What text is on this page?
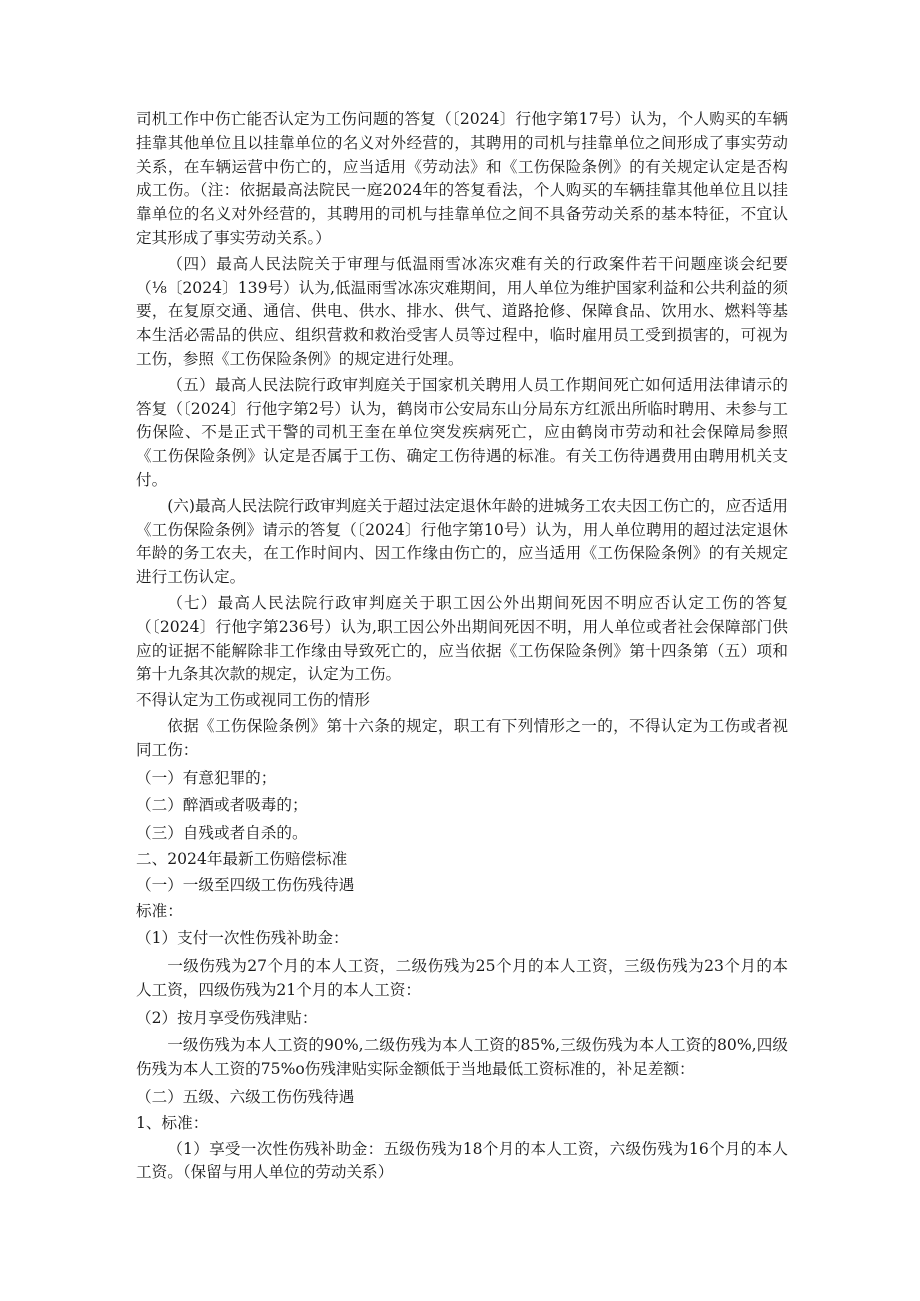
司机工作中伤亡能否认定为工伤问题的答复（〔2024〕行他字第17号）认为，个人购买的车辆挂靠其他单位且以挂靠单位的名义对外经营的，其聘用的司机与挂靠单位之间形成了事实劳动关系，在车辆运营中伤亡的，应当适用《劳动法》和《工伤保险条例》的有关规定认定是否构成工伤。（注：依据最高法院民一庭2024年的答复看法，个人购买的车辆挂靠其他单位且以挂靠单位的名义对外经营的，其聘用的司机与挂靠单位之间不具备劳动关系的基本特征，不宜认定其形成了事实劳动关系。）

（四）最高人民法院关于审理与低温雨雪冰冻灾难有关的行政案件若干问题座谈会纪要（⅛〔2024〕139号）认为,低温雨雪冰冻灾难期间，用人单位为维护国家利益和公共利益的须要，在复原交通、通信、供电、供水、排水、供气、道路抢修、保障食品、饮用水、燃料等基本生活必需品的供应、组织营救和救治受害人员等过程中，临时雇用员工受到损害的，可视为工伤，参照《工伤保险条例》的规定进行处理。

（五）最高人民法院行政审判庭关于国家机关聘用人员工作期间死亡如何适用法律请示的答复（〔2024〕行他字第2号）认为，鹤岗市公安局东山分局东方红派出所临时聘用、未参与工伤保险、不是正式干警的司机王奎在单位突发疾病死亡，应由鹤岗市劳动和社会保障局参照《工伤保险条例》认定是否属于工伤、确定工伤待遇的标准。有关工伤待遇费用由聘用机关支付。

(六)最高人民法院行政审判庭关于超过法定退休年龄的进城务工农夫因工伤亡的，应否适用《工伤保险条例》请示的答复（〔2024〕行他字第10号）认为，用人单位聘用的超过法定退休年龄的务工农夫，在工作时间内、因工作缘由伤亡的，应当适用《工伤保险条例》的有关规定进行工伤认定。

（七）最高人民法院行政审判庭关于职工因公外出期间死因不明应否认定工伤的答复（〔2024〕行他字第236号）认为,职工因公外出期间死因不明，用人单位或者社会保障部门供应的证据不能解除非工作缘由导致死亡的，应当依据《工伤保险条例》第十四条第（五）项和第十九条其次款的规定，认定为工伤。

不得认定为工伤或视同工伤的情形

依据《工伤保险条例》第十六条的规定，职工有下列情形之一的，不得认定为工伤或者视同工伤：

（一）有意犯罪的；

（二）醉酒或者吸毒的；

（三）自残或者自杀的。

二、2024年最新工伤赔偿标准

（一）一级至四级工伤伤残待遇

标准：

（1）支付一次性伤残补助金：

一级伤残为27个月的本人工资，二级伤残为25个月的本人工资，三级伤残为23个月的本人工资，四级伤残为21个月的本人工资：

（2）按月享受伤残津贴：

一级伤残为本人工资的90%,二级伤残为本人工资的85%,三级伤残为本人工资的80%,四级伤残为本人工资的75%o伤残津贴实际金额低于当地最低工资标准的，补足差额：

（二）五级、六级工伤伤残待遇

1、标准：

（1）享受一次性伤残补助金：五级伤残为18个月的本人工资，六级伤残为16个月的本人工资。（保留与用人单位的劳动关系）
